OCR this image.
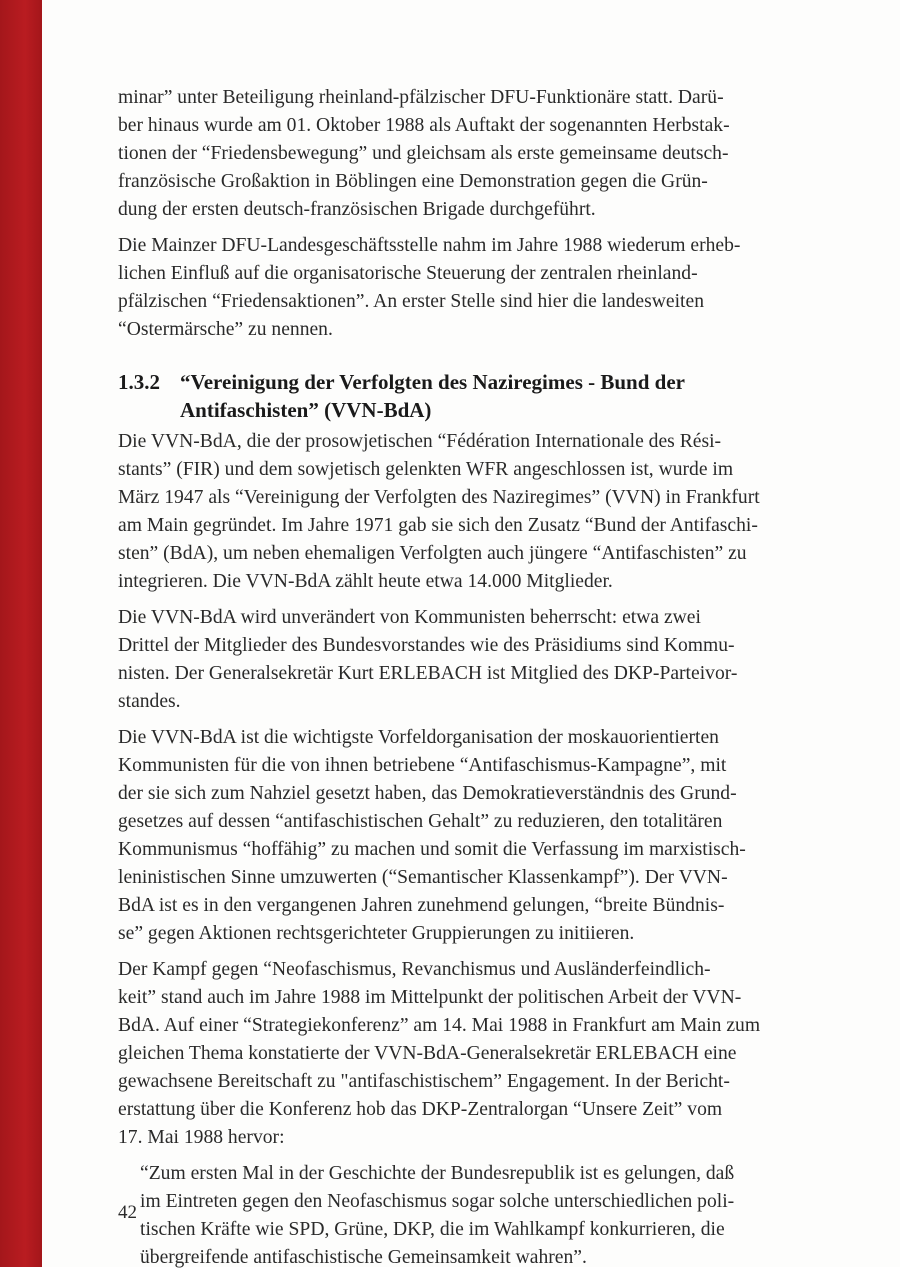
minar” unter Beteiligung rheinland-pfälzischer DFU-Funktionäre statt. Darü-
ber hinaus wurde am 01. Oktober 1988 als Auftakt der sogenannten Herbstak-
tionen der “Friedensbewegung” und gleichsam als erste gemeinsame deutsch-
französische Großaktion in Böblingen eine Demonstration gegen die Grün-
dung der ersten deutsch-französischen Brigade durchgeführt.

Die Mainzer DFU-Landesgeschäftsstelle nahm im Jahre 1988 wiederum erheb-
lichen Einfluß auf die organisatorische Steuerung der zentralen rheinland-
pfälzischen “Friedensaktionen”. An erster Stelle sind hier die landesweiten
“Ostermärsche” zu nennen.

1.3.2 “Vereinigung der Verfolgten des Naziregimes - Bund der
Antifaschisten” (VVN-BdA)

Die VVN-BdA, die der prosowjetischen “Fédération Internationale des Rési-
stants” (FIR) und dem sowjetisch gelenkten WFR angeschlossen ist, wurde im
März 1947 als “Vereinigung der Verfolgten des Naziregimes” (VVN) in Frankfurt
am Main gegründet. Im Jahre 1971 gab sie sich den Zusatz “Bund der Antifaschi-
sten” (BdA), um neben ehemaligen Verfolgten auch jüngere “Antifaschisten” zu
integrieren. Die VVN-BdA zählt heute etwa 14.000 Mitglieder.

Die VVN-BdA wird unverändert von Kommunisten beherrscht: etwa zwei
Drittel der Mitglieder des Bundesvorstandes wie des Präsidiums sind Kommu-
nisten. Der Generalsekretär Kurt ERLEBACH ist Mitglied des DKP-Parteivor-
standes.

Die VVN-BdA ist die wichtigste Vorfeldorganisation der moskauorientierten
Kommunisten für die von ihnen betriebene “Antifaschismus-Kampagne”, mit
der sie sich zum Nahziel gesetzt haben, das Demokratieverständnis des Grund-
gesetzes auf dessen “antifaschistischen Gehalt” zu reduzieren, den totalitären
Kommunismus “hoffähig” zu machen und somit die Verfassung im marxistisch-
leninistischen Sinne umzuwerten (“Semantischer Klassenkampf”). Der VVN-
BdA ist es in den vergangenen Jahren zunehmend gelungen, “breite Bündnis-
se” gegen Aktionen rechtsgerichteter Gruppierungen zu initiieren.

Der Kampf gegen “Neofaschismus, Revanchismus und Ausländerfeindlich-
keit” stand auch im Jahre 1988 im Mittelpunkt der politischen Arbeit der VVN-
BdA. Auf einer “Strategiekonferenz” am 14. Mai 1988 in Frankfurt am Main zum
gleichen Thema konstatierte der VVN-BdA-Generalsekretär ERLEBACH eine
gewachsene Bereitschaft zu "antifaschistischem” Engagement. In der Bericht-
erstattung über die Konferenz hob das DKP-Zentralorgan “Unsere Zeit” vom
17. Mai 1988 hervor:

“Zum ersten Mal in der Geschichte der Bundesrepublik ist es gelungen, daß
im Eintreten gegen den Neofaschismus sogar solche unterschiedlichen poli-
tischen Kräfte wie SPD, Grüne, DKP, die im Wahlkampf konkurrieren, die
übergreifende antifaschistische Gemeinsamkeit wahren”.

42
